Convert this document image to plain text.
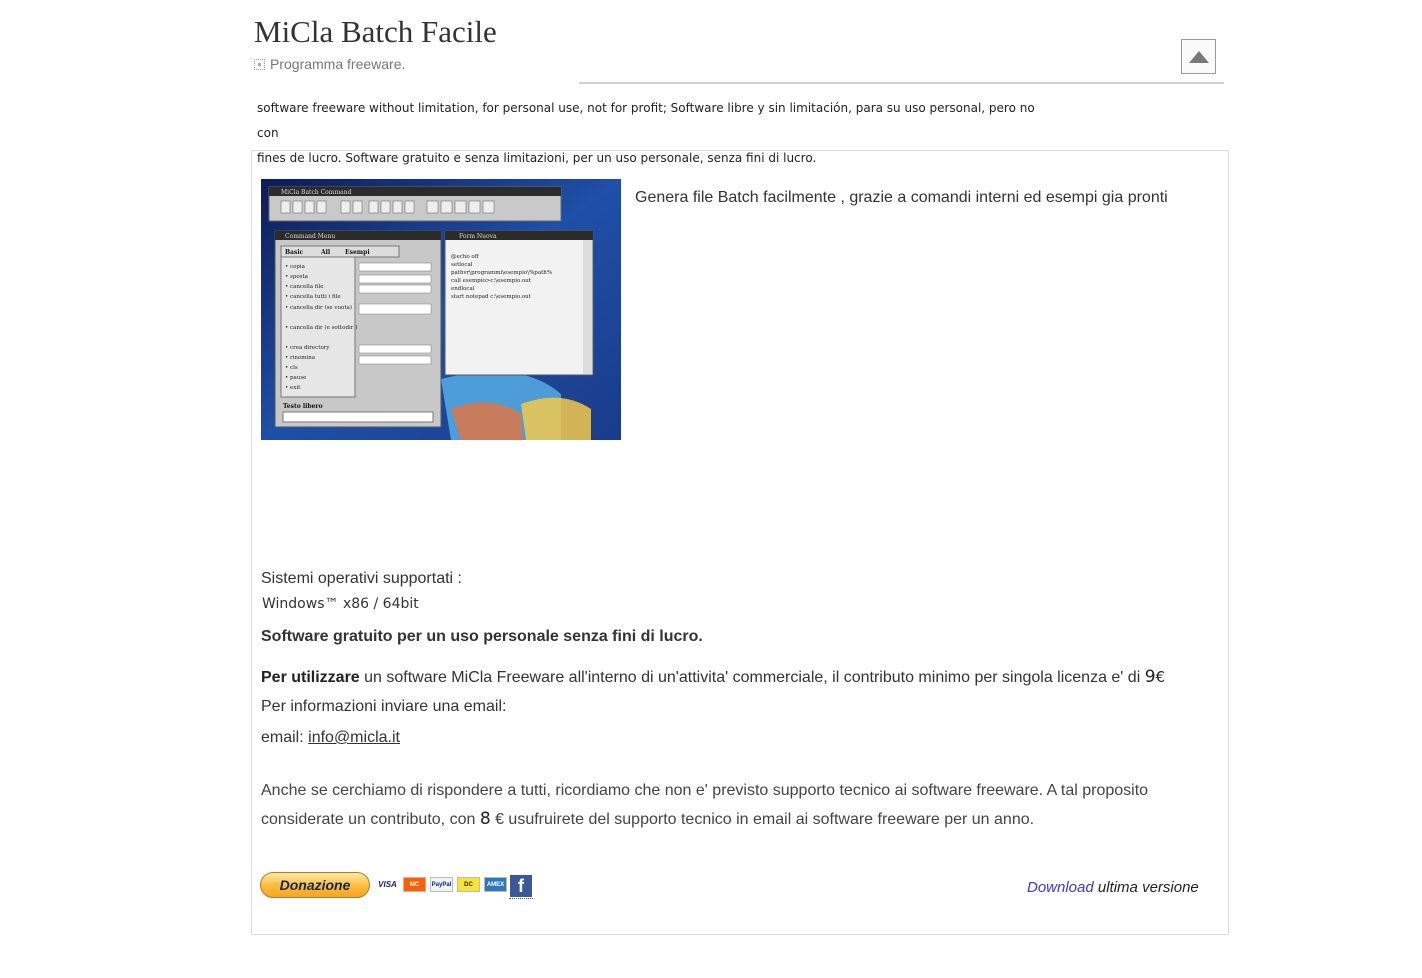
MiCla Batch Facile
Programma freeware.
software freeware without limitation, for personal use, not for profit; Software libre y sin limitación, para su uso personal, pero no con
fines de lucro. Software gratuito e senza limitazioni, per un uso personale, senza fini di lucro.
MiCla Batch Command
Command Menu
Basic	All Esempi
• copia
• sposta
• cancella file
• cancella tutti i file
• cancella dir (se vuota)
• cancella dir (e sottodir )
• crea directory
• rinomina
• cls
• pause
• exit
Testo libero
Form Nuova
@echo off
setlocal
pathvr\programmi\esempio\%path%
call esempio>c:\esempio.out
endlocal
start notepad c:\esempio.out
Genera file Batch facilmente , grazie a comandi interni ed esempi gia pronti
Sistemi operativi supportati :
Windows™ x86 / 64bit
Software gratuito per un uso personale senza fini di lucro.
Per utilizzare un software MiCla Freeware all'interno di un'attivita' commerciale, il contributo minimo per singola licenza e' di 9€
Per informazioni inviare una email:
email: info@micla.it
Anche se cerchiamo di rispondere a tutti, ricordiamo che non e' previsto supporto tecnico ai software freeware. A tal proposito considerate un contributo, con 8 € usufruirete del supporto tecnico in email ai software freeware per un anno.
Donazione	VISA	MC	PayPal	DC	AMEX f	Download ultima versione
